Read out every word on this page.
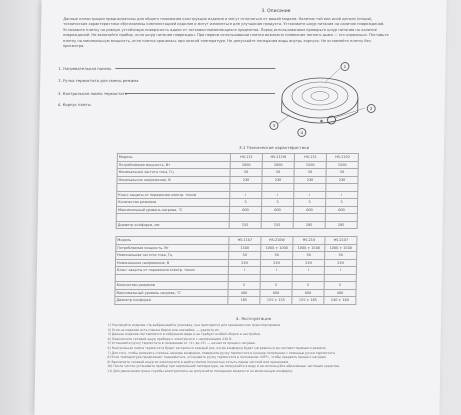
3. Описание
Данные иллюстрации предназначены для общего понимания конструкции изделия и могут отличаться от вашей модели. Наличие той или иной детали (опции), технические характеристики обусловлены комплектацией изделия и могут изменяться для улучшения продукта. Установите шнур питания на наличие повреждений. Установите плитку на ровную устойчивую поверхность вдали от легковоспламеняющихся предметов. Перед использованием проверьте шнур питания на наличие повреждений. Не включайте прибор, если шнур питания поврежден. При первом использовании плитки возможно появление легкого дыма — это нормально. Поставьте плитку на минимальную мощность, если плитка хранилась при низкой температуре. Не допускайте попадания воды внутрь корпуса. Не оставляйте плитку без присмотра.
1. Нагревательная панель
2. Ручка термостата для смены режима
3. Контрольная лампа термостата
4. Корпус плиты
1
2
3
4
3.1 Технические характеристики
Модель	HS-111	HS-111W	HS-115	HS-1150
Потребляемая мощность, Вт	1000	1000	1500	1500
Номинальная частота тока, Гц	50	50	50	50
Номинальное напряжение, В	230	230	230	230

Класс защиты от поражения электр. током	I	I	I	I
Количество режимов	5	5	5	5
Максимальный уровень нагрева, °С	600	600	600	600

Диаметр конфорки, мм	155	155	185	185
Модель	HS-1167	HS-210W	HS-210	HS-2107
Потребляемая мощность, Вт	1500	1000 + 1000	1000 + 1500	1000 + 1500
Номинальная частота тока, Гц	50	50	50	50
Номинальное напряжение, В	230	230	230	230
Класс защиты от поражения электр. током	I	I	I	I

Количество режимов	5	5	5	5
Максимальный уровень нагрева, °С	400	600	600	400
Диаметр конфорки	185	155 + 155	155 + 185	140 + 160
4. Эксплуатация
1) Распакуйте изделие. Не выбрасывайте упаковку, она пригодится для хранения или транспортировки.
2) Если на изделии есть пленка бирки или наклейки, — удалите их.
3) Данное изделие поставляется в собранном виде и не требует особой сборки и настройки.
4) Подключите сетевой шнур прибора к электросети с напряжением 230 В.
5) Установите ручку термостата в положение от «1» до «5» — начнется процесс нагрева.
6) Контрольная лампа термостата будет загораться каждый раз, когда конфорка будет нагреваться до соответствующего режима.
7) Для того, чтобы изменить степень нагрева конфорки, поверните ручку термостата в нужное положение с помощью ручки термостата.
8) Если температура продолжает подниматься, установите ручку термостата в положение «OFF», чтобы прервать процесс нагрева.
9) Выключите сетевой шнур из электросети и дайте плитке полностью остыть перед чисткой или хранением.
10) После чистки установите прибор при нормальной температуре, не погружайте в воду и не используйте абразивные чистящие средства.
11) Для увеличения срока службы электроплиты не допускайте попадания жидкости на включенную конфорку.
